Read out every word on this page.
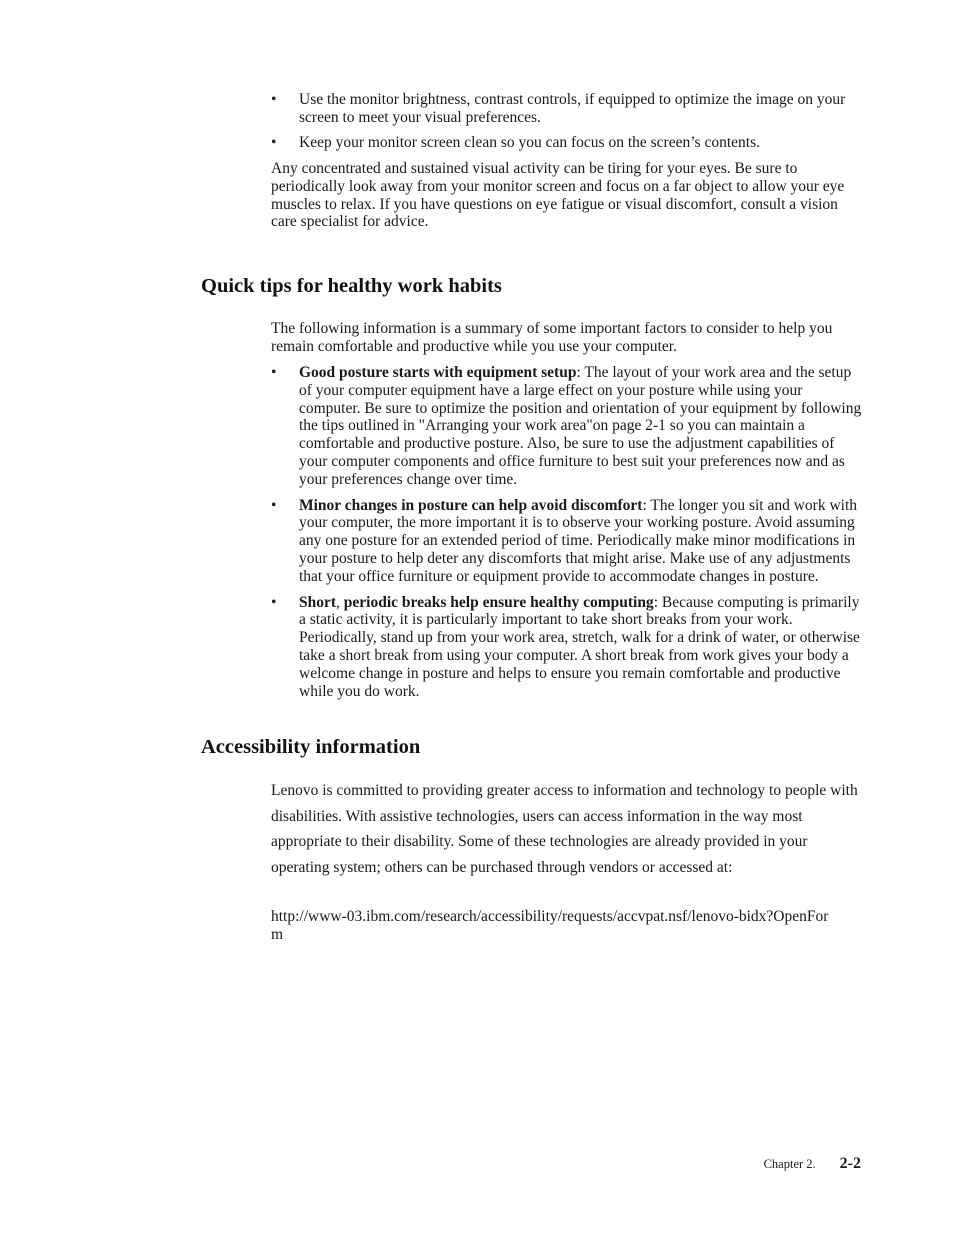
•	Use the monitor brightness, contrast controls, if equipped to optimize the image on your screen to meet your visual preferences.
•	Keep your monitor screen clean so you can focus on the screen’s contents.

Any concentrated and sustained visual activity can be tiring for your eyes. Be sure to periodically look away from your monitor screen and focus on a far object to allow your eye muscles to relax. If you have questions on eye fatigue or visual discomfort, consult a vision care specialist for advice.

Quick tips for healthy work habits

The following information is a summary of some important factors to consider to help you remain comfortable and productive while you use your computer.

•	Good posture starts with equipment setup: The layout of your work area and the setup of your computer equipment have a large effect on your posture while using your computer. Be sure to optimize the position and orientation of your equipment by following the tips outlined in "Arranging your work area"on page 2-1 so you can maintain a comfortable and productive posture. Also, be sure to use the adjustment capabilities of your computer components and office furniture to best suit your preferences now and as your preferences change over time.
•	Minor changes in posture can help avoid discomfort: The longer you sit and work with your computer, the more important it is to observe your working posture. Avoid assuming any one posture for an extended period of time. Periodically make minor modifications in your posture to help deter any discomforts that might arise. Make use of any adjustments that your office furniture or equipment provide to accommodate changes in posture.
•	Short, periodic breaks help ensure healthy computing: Because computing is primarily a static activity, it is particularly important to take short breaks from your work. Periodically, stand up from your work area, stretch, walk for a drink of water, or otherwise take a short break from using your computer. A short break from work gives your body a welcome change in posture and helps to ensure you remain comfortable and productive while you do work.
Accessibility information

Lenovo is committed to providing greater access to information and technology to people with disabilities. With assistive technologies, users can access information in the way most appropriate to their disability. Some of these technologies are already provided in your operating system; others can be purchased through vendors or accessed at:

http://www-03.ibm.com/research/accessibility/requests/accvpat.nsf/lenovo-bidx?OpenForm

Chapter 2. 2-2
